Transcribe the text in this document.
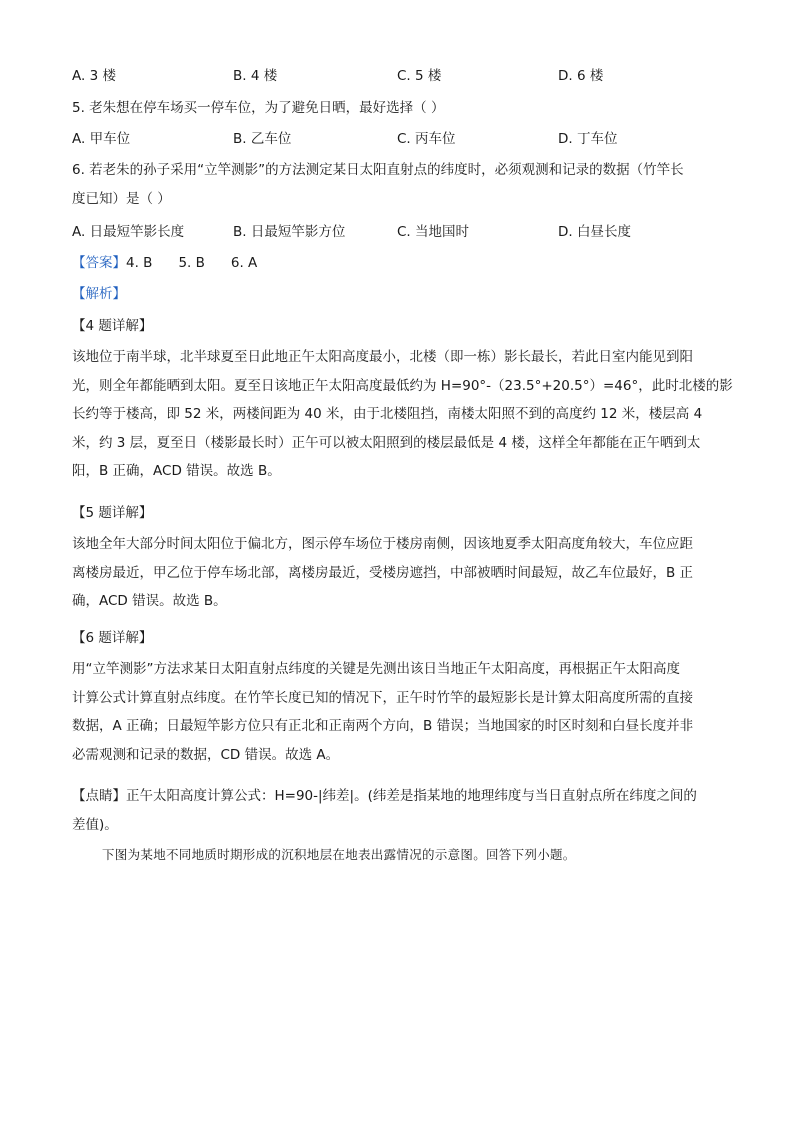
A. 3 楼	B. 4 楼	C. 5 楼	D. 6 楼
5. 老朱想在停车场买一停车位，为了避免日晒，最好选择（ ）
A. 甲车位	B. 乙车位	C. 丙车位	D. 丁车位
6. 若老朱的孙子采用“立竿测影”的方法测定某日太阳直射点的纬度时，必须观测和记录的数据（竹竿长
度已知）是（ ）
A. 日最短竿影长度	B. 日最短竿影方位	C. 当地国时	D. 白昼长度
【答案】4. B 5. B 6. A
【解析】
【4 题详解】
该地位于南半球，北半球夏至日此地正午太阳高度最小，北楼（即一栋）影长最长，若此日室内能见到阳
光，则全年都能晒到太阳。夏至日该地正午太阳高度最低约为 H=90°-（23.5°+20.5°）=46°，此时北楼的影
长约等于楼高，即 52 米，两楼间距为 40 米，由于北楼阻挡，南楼太阳照不到的高度约 12 米，楼层高 4
米，约 3 层，夏至日（楼影最长时）正午可以被太阳照到的楼层最低是 4 楼，这样全年都能在正午晒到太
阳，B 正确，ACD 错误。故选 B。
【5 题详解】
该地全年大部分时间太阳位于偏北方，图示停车场位于楼房南侧，因该地夏季太阳高度角较大，车位应距
离楼房最近，甲乙位于停车场北部，离楼房最近，受楼房遮挡，中部被晒时间最短，故乙车位最好，B 正
确，ACD 错误。故选 B。
【6 题详解】
用“立竿测影”方法求某日太阳直射点纬度的关键是先测出该日当地正午太阳高度，再根据正午太阳高度
计算公式计算直射点纬度。在竹竿长度已知的情况下，正午时竹竿的最短影长是计算太阳高度所需的直接
数据，A 正确；日最短竿影方位只有正北和正南两个方向，B 错误；当地国家的时区时刻和白昼长度并非
必需观测和记录的数据，CD 错误。故选 A。
【点睛】正午太阳高度计算公式：H=90-|纬差|。(纬差是指某地的地理纬度与当日直射点所在纬度之间的
差值)。
下图为某地不同地质时期形成的沉积地层在地表出露情况的示意图。回答下列小题。
